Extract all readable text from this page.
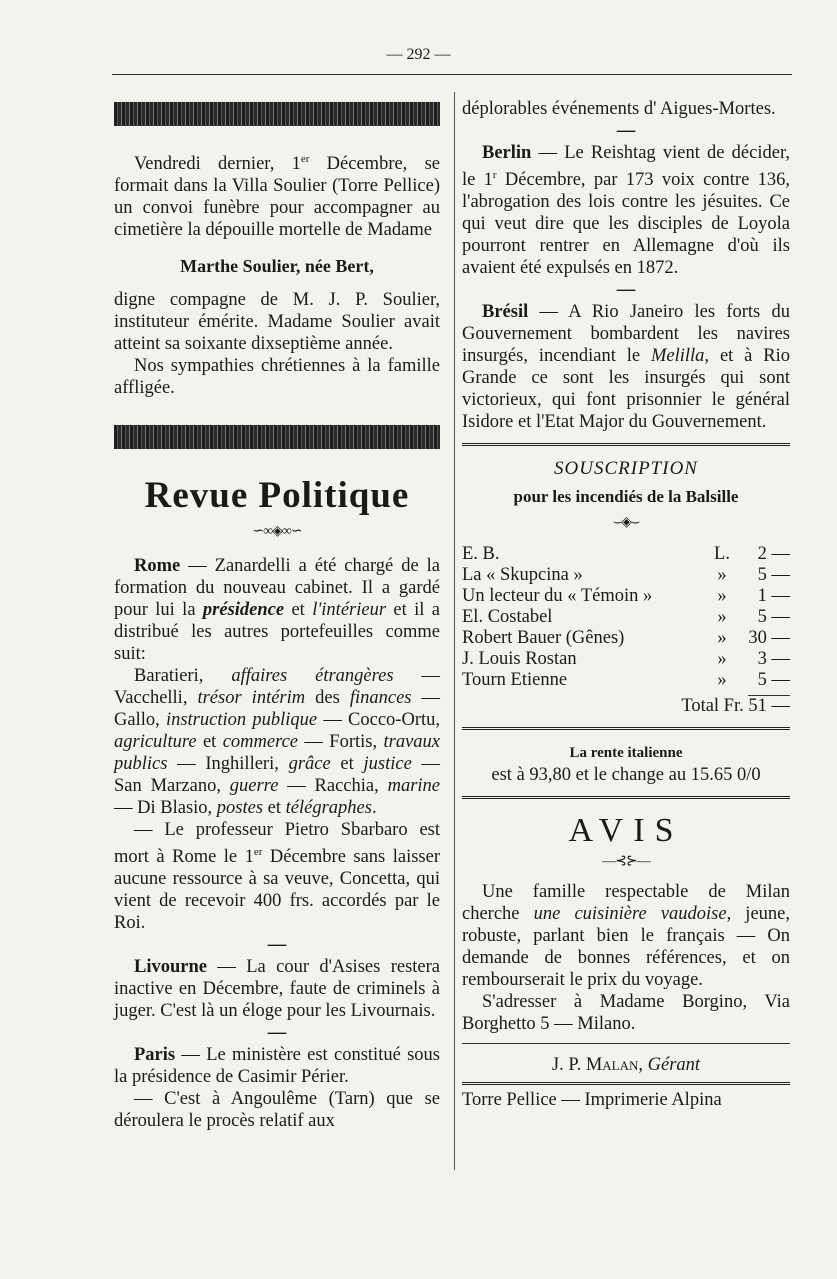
— 292 —

Vendredi dernier, 1er Décembre, se formait dans la Villa Soulier (Torre Pellice) un convoi funèbre pour accompagner au cimetière la dépouille mortelle de Madame

Marthe Soulier, née Bert,

digne compagne de M. J. P. Soulier, instituteur émérite. Madame Soulier avait atteint sa soixante dixseptième année.

Nos sympathies chrétiennes à la famille affligée.

Revue Politique
∽∞◈∞∽

Rome — Zanardelli a été chargé de la formation du nouveau cabinet. Il a gardé pour lui la présidence et l'intérieur et il a distribué les autres portefeuilles comme suit:

Baratieri, affaires étrangères — Vacchelli, trésor intérim des finances — Gallo, instruction publique — Cocco-Ortu, agriculture et commerce — Fortis, travaux publics — Inghilleri, grâce et justice — San Marzano, guerre — Racchia, marine — Di Blasio, postes et télégraphes.

— Le professeur Pietro Sbarbaro est mort à Rome le 1er Décembre sans laisser aucune ressource à sa veuve, Concetta, qui vient de recevoir 400 frs. accordés par le Roi.

—

Livourne — La cour d'Asises restera inactive en Décembre, faute de criminels à juger. C'est là un éloge pour les Livournais.

—

Paris — Le ministère est constitué sous la présidence de Casimir Périer.

— C'est à Angoulême (Tarn) que se déroulera le procès relatif aux

déplorables événements d' Aigues-Mortes.

—

Berlin — Le Reishtag vient de décider, le 1$^r$ Décembre, par 173 voix contre 136, l'abrogation des lois contre les jésuites. Ce qui veut dire que les disciples de Loyola pourront rentrer en Allemagne d'où ils avaient été expulsés en 1872.

—

Brésil — A Rio Janeiro les forts du Gouvernement bombardent les navires insurgés, incendiant le Melilla, et à Rio Grande ce sont les insurgés qui sont victorieux, qui font prisonnier le général Isidore et l'Etat Major du Gouvernement.

SOUSCRIPTION
pour les incendiés de la Balsille
⌣◈⌣
E. B.	L.	2 —
La « Skupcina »	»	5 —
Un lecteur du « Témoin »	»	1 —
El. Costabel	»	5 —
Robert Bauer (Gênes)	»	30 —
J. Louis Rostan	»	3 —
Tourn Etienne	»	5 —
Total Fr. 51 —
La rente italienne
est à 93,80 et le change au 15.65 0/0
AVIS
—⊰⊱—

Une famille respectable de Milan cherche une cuisinière vaudoise, jeune, robuste, parlant bien le français — On demande de bonnes références, et on rembourserait le prix du voyage.

S'adresser à Madame Borgino, Via Borghetto 5 — Milano.

J. P. Malan, Gérant
Torre Pellice — Imprimerie Alpina
